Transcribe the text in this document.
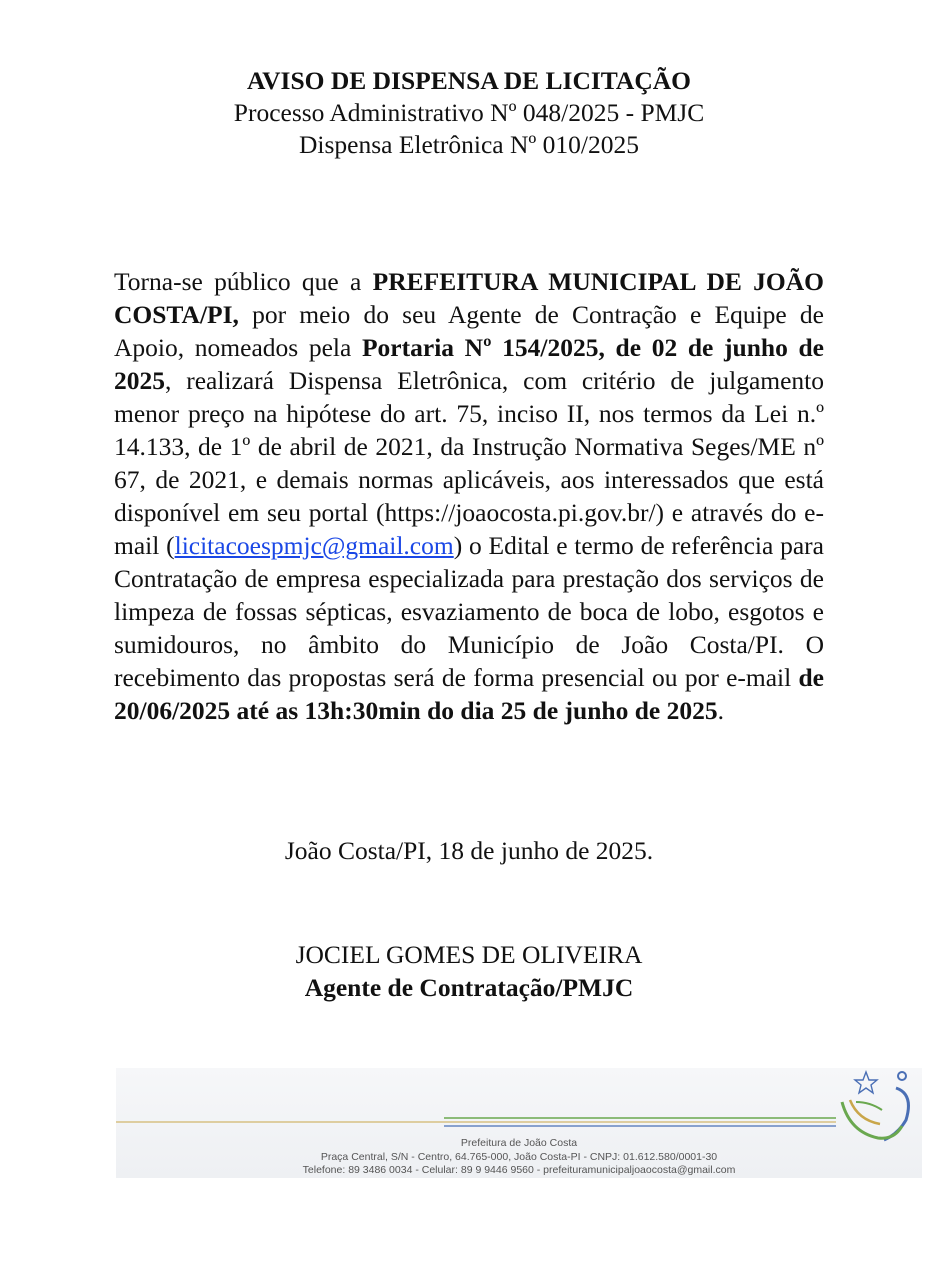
AVISO DE DISPENSA DE LICITAÇÃO
Processo Administrativo Nº 048/2025 - PMJC
Dispensa Eletrônica Nº 010/2025

Torna-se público que a PREFEITURA MUNICIPAL DE JOÃO COSTA/PI, por meio do seu Agente de Contração e Equipe de Apoio, nomeados pela Portaria Nº 154/2025, de 02 de junho de 2025, realizará Dispensa Eletrônica, com critério de julgamento menor preço na hipótese do art. 75, inciso II, nos termos da Lei n.º 14.133, de 1º de abril de 2021, da Instrução Normativa Seges/ME nº 67, de 2021, e demais normas aplicáveis, aos interessados que está disponível em seu portal (https://joaocosta.pi.gov.br/) e através do e-mail (licitacoespmjc@gmail.com) o Edital e termo de referência para Contratação de empresa especializada para prestação dos serviços de limpeza de fossas sépticas, esvaziamento de boca de lobo, esgotos e sumidouros, no âmbito do Município de João Costa/PI. O recebimento das propostas será de forma presencial ou por e-mail de 20/06/2025 até as 13h:30min do dia 25 de junho de 2025.

João Costa/PI, 18 de junho de 2025.
JOCIEL GOMES DE OLIVEIRA
Agente de Contratação/PMJC
Prefeitura de João Costa
Praça Central, S/N - Centro, 64.765-000, João Costa-PI - CNPJ: 01.612.580/0001-30
Telefone: 89 3486 0034 - Celular: 89 9 9446 9560 - prefeituramunicipaljoaocosta@gmail.com
